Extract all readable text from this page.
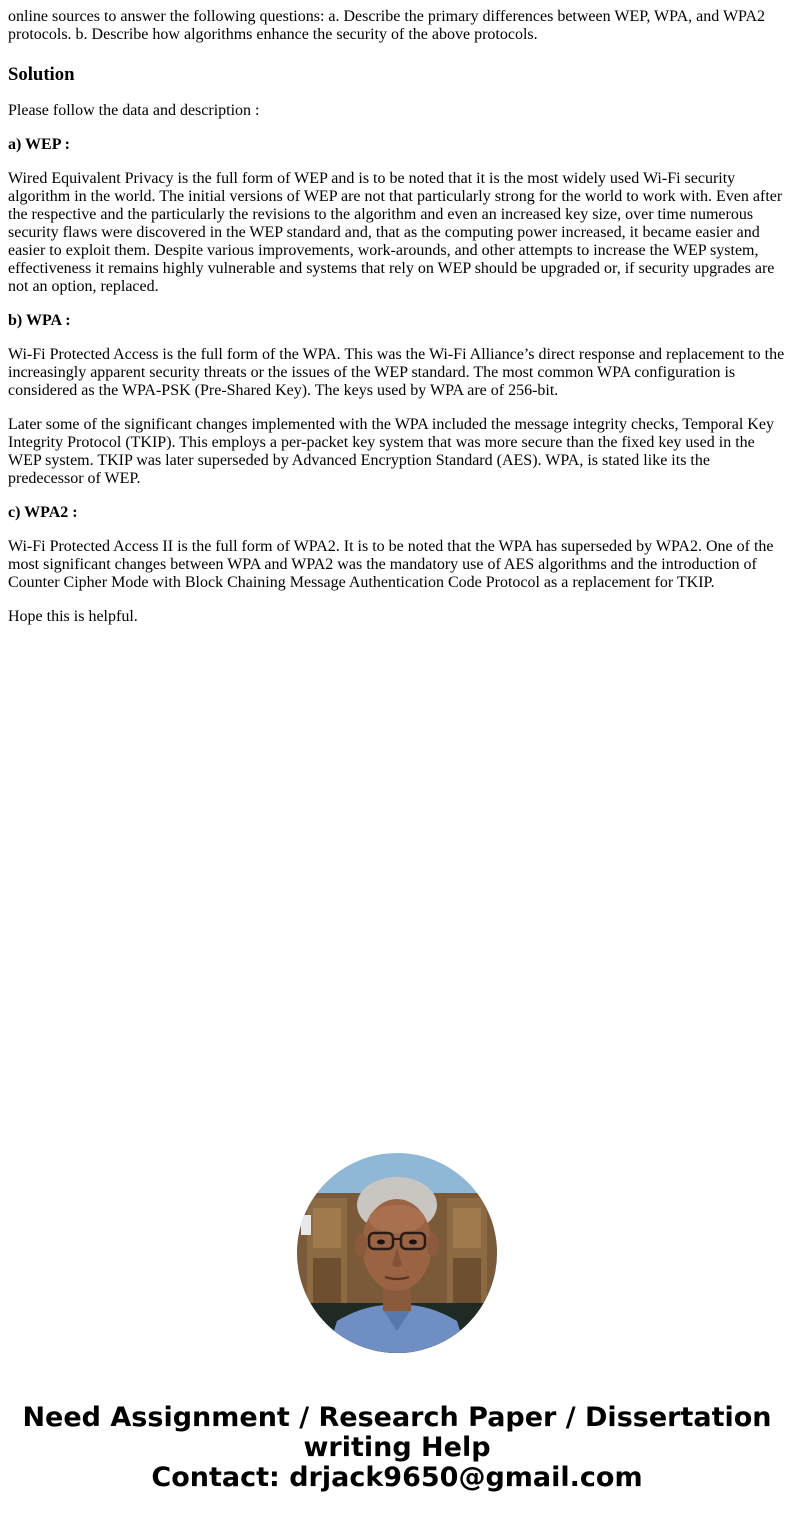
online sources to answer the following questions: a. Describe the primary differences between WEP, WPA, and WPA2 protocols. b. Describe how algorithms enhance the security of the above protocols.
Solution

Please follow the data and description :

a) WEP :

Wired Equivalent Privacy is the full form of WEP and is to be noted that it is the most widely used Wi-Fi security algorithm in the world. The initial versions of WEP are not that particularly strong for the world to work with. Even after the respective and the particularly the revisions to the algorithm and even an increased key size, over time numerous security flaws were discovered in the WEP standard and, that as the computing power increased, it became easier and easier to exploit them. Despite various improvements, work-arounds, and other attempts to increase the WEP system, effectiveness it remains highly vulnerable and systems that rely on WEP should be upgraded or, if security upgrades are not an option, replaced.

b) WPA :

Wi-Fi Protected Access is the full form of the WPA. This was the Wi-Fi Alliance’s direct response and replacement to the increasingly apparent security threats or the issues of the WEP standard. The most common WPA configuration is considered as the WPA-PSK (Pre-Shared Key). The keys used by WPA are of 256-bit.

Later some of the significant changes implemented with the WPA included the message integrity checks, Temporal Key Integrity Protocol (TKIP). This employs a per-packet key system that was more secure than the fixed key used in the WEP system. TKIP was later superseded by Advanced Encryption Standard (AES). WPA, is stated like its the predecessor of WEP.

c) WPA2 :

Wi-Fi Protected Access II is the full form of WPA2. It is to be noted that the WPA has superseded by WPA2. One of the most significant changes between WPA and WPA2 was the mandatory use of AES algorithms and the introduction of Counter Cipher Mode with Block Chaining Message Authentication Code Protocol as a replacement for TKIP.

Hope this is helpful.

Need Assignment / Research Paper / Dissertation
writing Help
Contact: drjack9650@gmail.com
